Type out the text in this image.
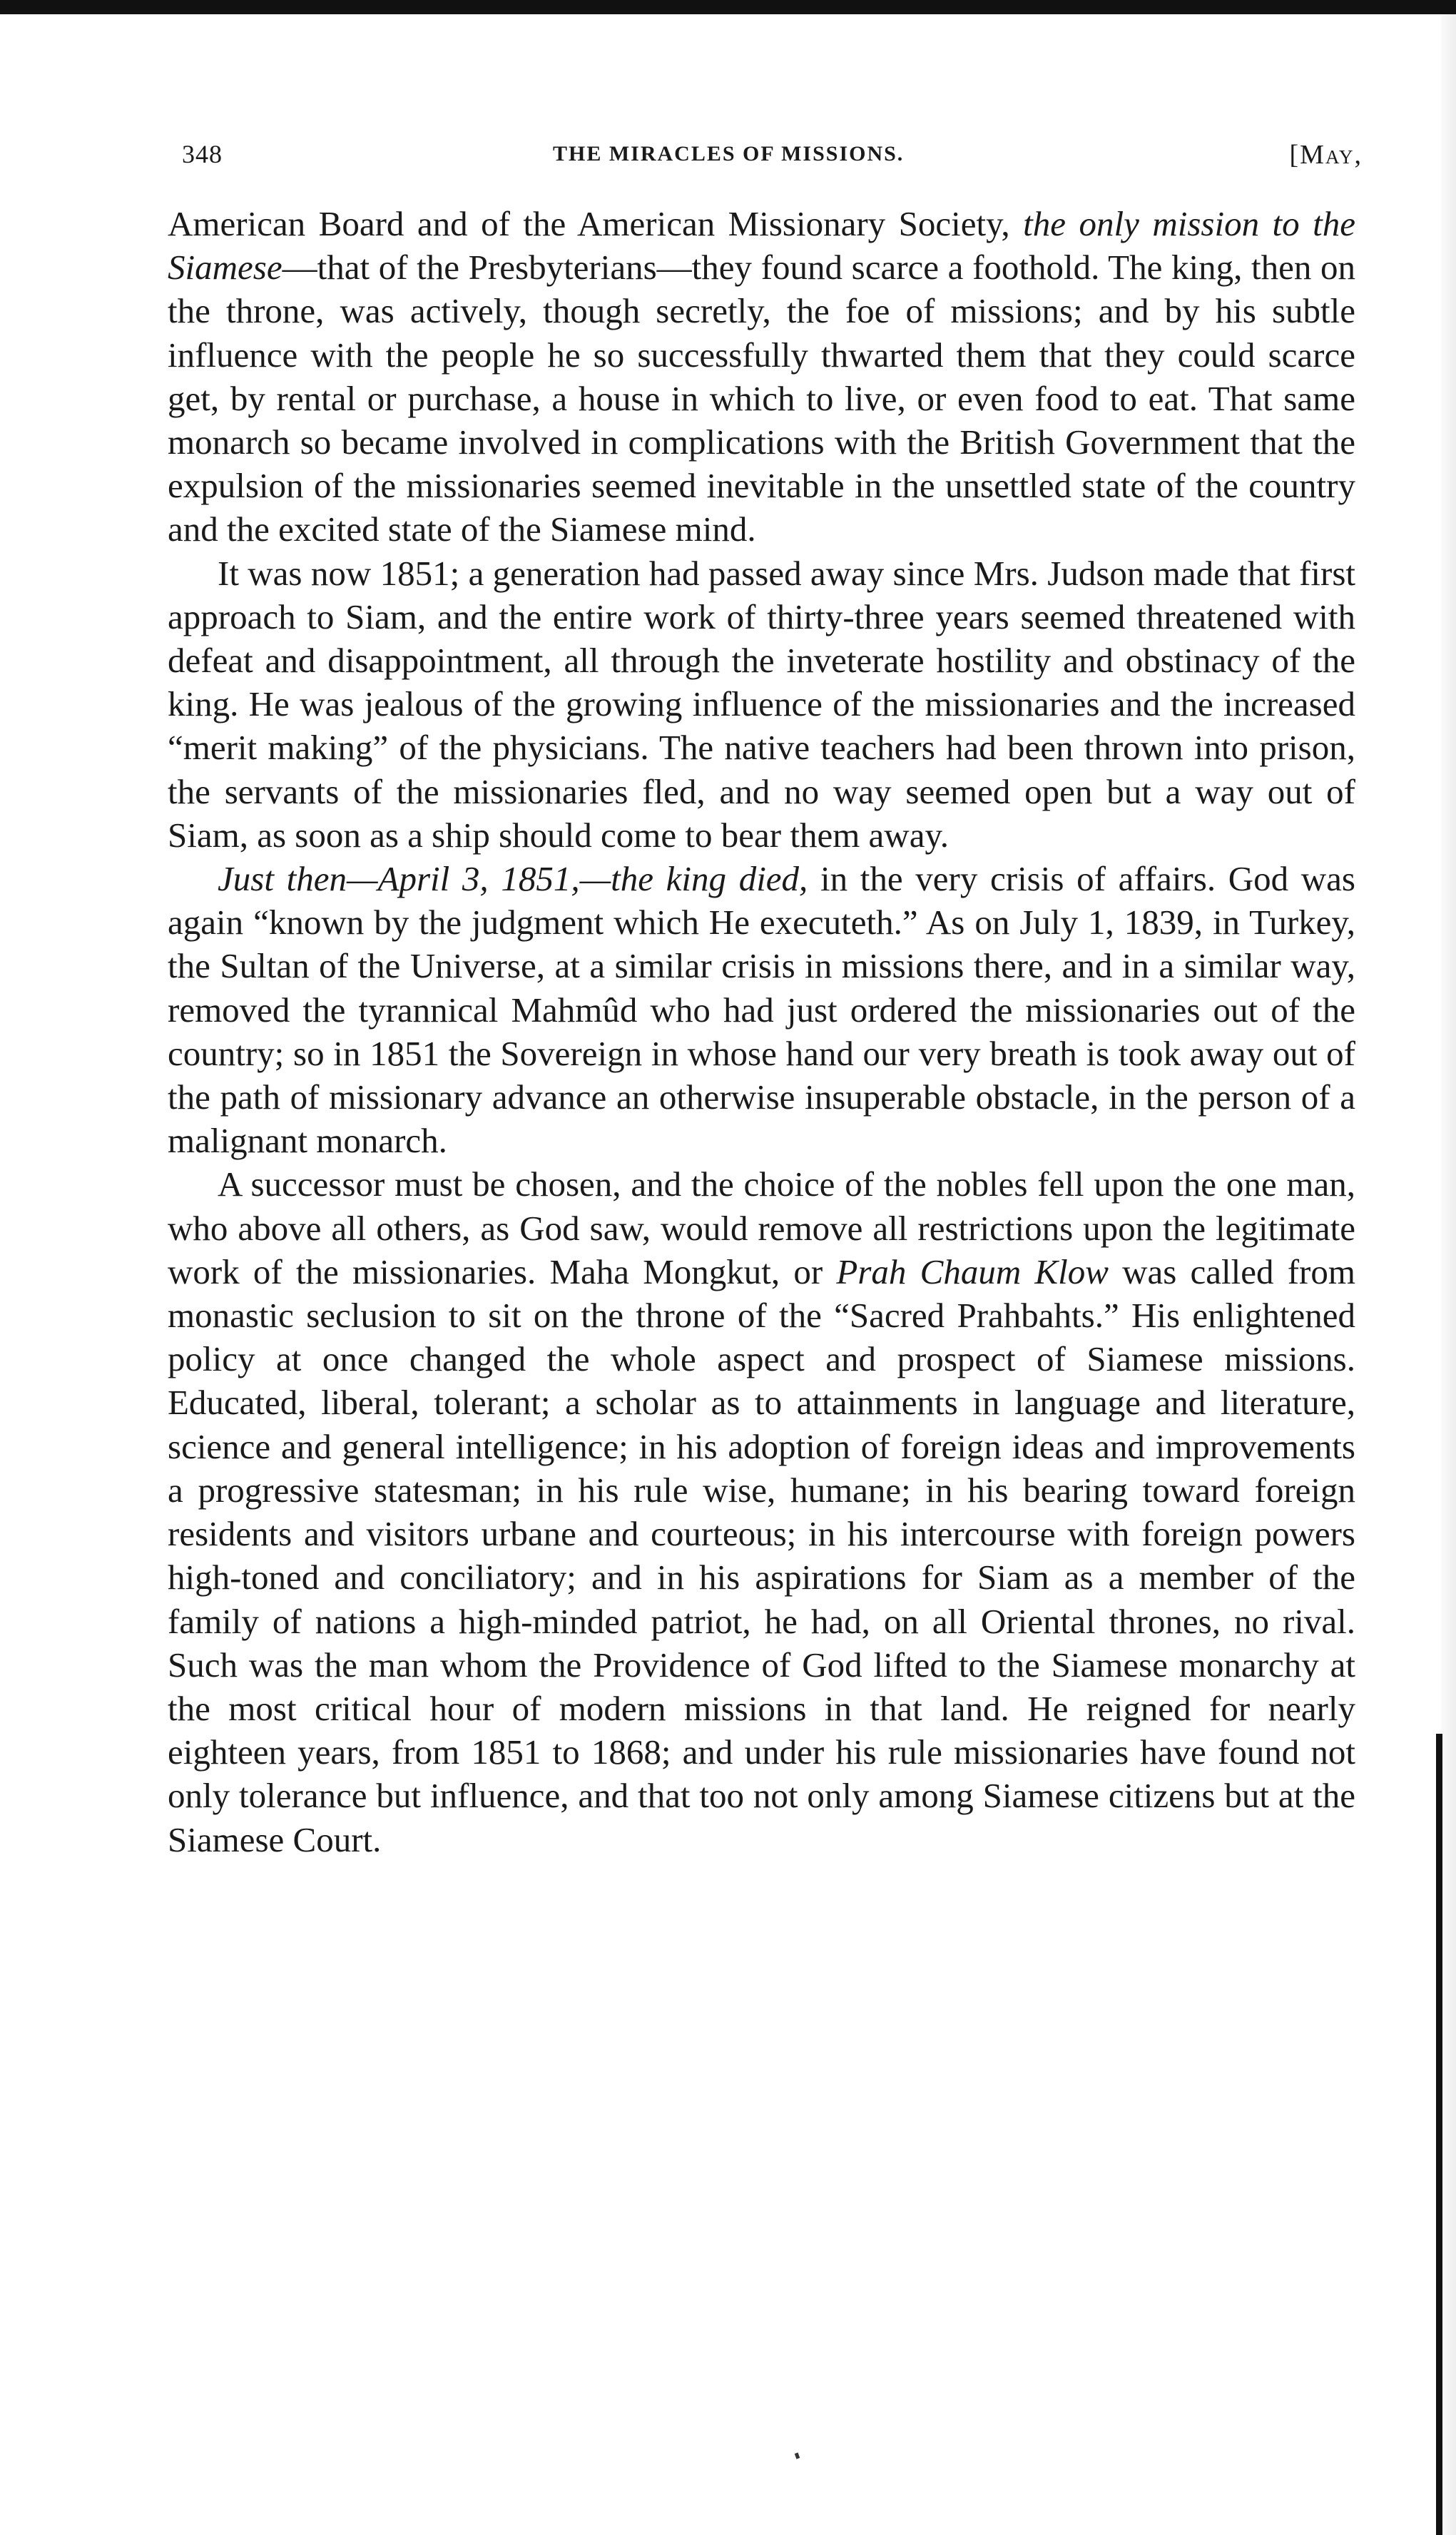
348	THE MIRACLES OF MISSIONS.	[May,

American Board and of the American Missionary Society, the only mission to the Siamese—that of the Presbyterians—they found scarce a foothold. The king, then on the throne, was actively, though secretly, the foe of missions; and by his subtle influence with the people he so successfully thwarted them that they could scarce get, by rental or purchase, a house in which to live, or even food to eat. That same monarch so became involved in complications with the British Government that the expulsion of the missionaries seemed inevitable in the unsettled state of the country and the excited state of the Siamese mind.

It was now 1851; a generation had passed away since Mrs. Judson made that first approach to Siam, and the entire work of thirty-three years seemed threatened with defeat and disappointment, all through the inveterate hostility and obstinacy of the king. He was jealous of the growing influence of the missionaries and the increased “merit making” of the physicians. The native teachers had been thrown into prison, the servants of the missionaries fled, and no way seemed open but a way out of Siam, as soon as a ship should come to bear them away.

Just then—April 3, 1851,—the king died, in the very crisis of affairs. God was again “known by the judgment which He executeth.” As on July 1, 1839, in Turkey, the Sultan of the Universe, at a similar crisis in missions there, and in a similar way, removed the tyrannical Mahmûd who had just ordered the missionaries out of the country; so in 1851 the Sovereign in whose hand our very breath is took away out of the path of missionary advance an otherwise insuperable obstacle, in the person of a malignant monarch.

A successor must be chosen, and the choice of the nobles fell upon the one man, who above all others, as God saw, would remove all restrictions upon the legitimate work of the missionaries. Maha Mongkut, or Prah Chaum Klow was called from monastic seclusion to sit on the throne of the “Sacred Prahbahts.” His enlightened policy at once changed the whole aspect and prospect of Siamese missions. Educated, liberal, tolerant; a scholar as to attainments in language and literature, science and general intelligence; in his adoption of foreign ideas and improvements a progressive statesman; in his rule wise, humane; in his bearing toward foreign residents and visitors urbane and courteous; in his intercourse with foreign powers high-toned and conciliatory; and in his aspirations for Siam as a member of the family of nations a high-minded patriot, he had, on all Oriental thrones, no rival. Such was the man whom the Providence of God lifted to the Siamese monarchy at the most critical hour of modern missions in that land. He reigned for nearly eighteen years, from 1851 to 1868; and under his rule missionaries have found not only tolerance but influence, and that too not only among Siamese citizens but at the Siamese Court.
